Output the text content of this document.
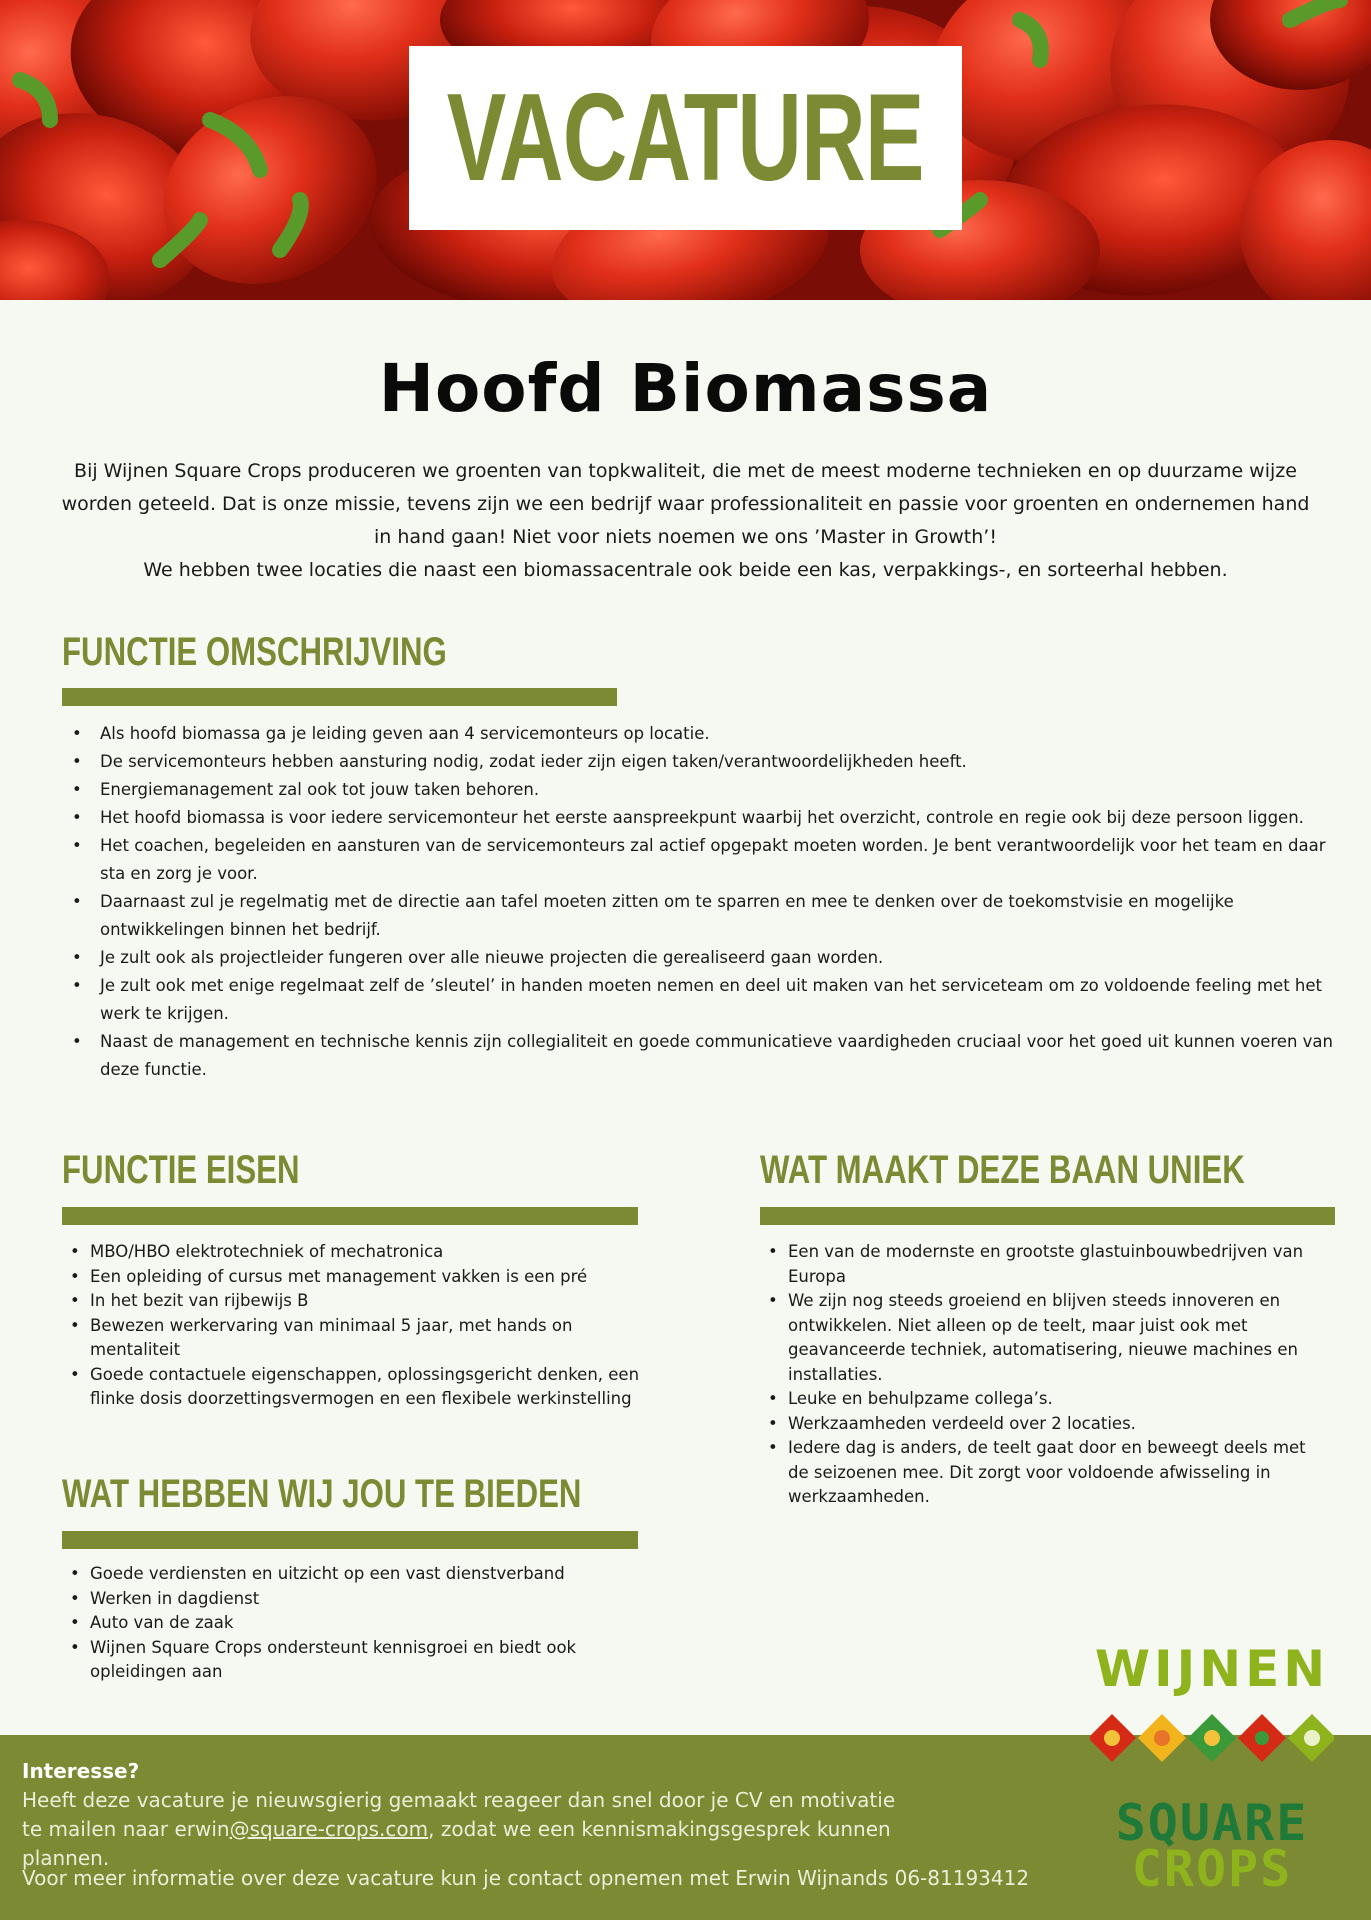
VACATURE
Hoofd Biomassa

Bij Wijnen Square Crops produceren we groenten van topkwaliteit, die met de meest moderne technieken en op duurzame wijze worden geteeld. Dat is onze missie, tevens zijn we een bedrijf waar professionaliteit en passie voor groenten en ondernemen hand in hand gaan! Niet voor niets noemen we ons ’Master in Growth’!

We hebben twee locaties die naast een biomassacentrale ook beide een kas, verpakkings-, en sorteerhal hebben.

FUNCTIE OMSCHRIJVING
• Als hoofd biomassa ga je leiding geven aan 4 servicemonteurs op locatie.
• De servicemonteurs hebben aansturing nodig, zodat ieder zijn eigen taken/verantwoordelijkheden heeft.
• Energiemanagement zal ook tot jouw taken behoren.
• Het hoofd biomassa is voor iedere servicemonteur het eerste aanspreekpunt waarbij het overzicht, controle en regie ook bij deze persoon liggen.
• Het coachen, begeleiden en aansturen van de servicemonteurs zal actief opgepakt moeten worden. Je bent verantwoordelijk voor het team en daar sta en zorg je voor.
• Daarnaast zul je regelmatig met de directie aan tafel moeten zitten om te sparren en mee te denken over de toekomstvisie en mogelijke ontwikkelingen binnen het bedrijf.
• Je zult ook als projectleider fungeren over alle nieuwe projecten die gerealiseerd gaan worden.
• Je zult ook met enige regelmaat zelf de ’sleutel’ in handen moeten nemen en deel uit maken van het serviceteam om zo voldoende feeling met het werk te krijgen.
• Naast de management en technische kennis zijn collegialiteit en goede communicatieve vaardigheden cruciaal voor het goed uit kunnen voeren van deze functie.
FUNCTIE EISEN
• MBO/HBO elektrotechniek of mechatronica
• Een opleiding of cursus met management vakken is een pré
• In het bezit van rijbewijs B
• Bewezen werkervaring van minimaal 5 jaar, met hands on mentaliteit
• Goede contactuele eigenschappen, oplossingsgericht denken, een flinke dosis doorzettingsvermogen en een flexibele werkinstelling
WAT HEBBEN WIJ JOU TE BIEDEN
• Goede verdiensten en uitzicht op een vast dienstverband
• Werken in dagdienst
• Auto van de zaak
• Wijnen Square Crops ondersteunt kennisgroei en biedt ook opleidingen aan
WAT MAAKT DEZE BAAN UNIEK
• Een van de modernste en grootste glastuinbouwbedrijven van Europa
• We zijn nog steeds groeiend en blijven steeds innoveren en ontwikkelen. Niet alleen op de teelt, maar juist ook met geavanceerde techniek, automatisering, nieuwe machines en installaties.
• Leuke en behulpzame collega’s.
• Werkzaamheden verdeeld over 2 locaties.
• Iedere dag is anders, de teelt gaat door en beweegt deels met de seizoenen mee. Dit zorgt voor voldoende afwisseling in werkzaamheden.
Interesse?
Heeft deze vacature je nieuwsgierig gemaakt reageer dan snel door je CV en motivatie
te mailen naar erwin@square-crops.com, zodat we een kennismakingsgesprek kunnen plannen.
Voor meer informatie over deze vacature kun je contact opnemen met Erwin Wijnands 06-81193412
WIJNEN
SQUARE
CROPS
